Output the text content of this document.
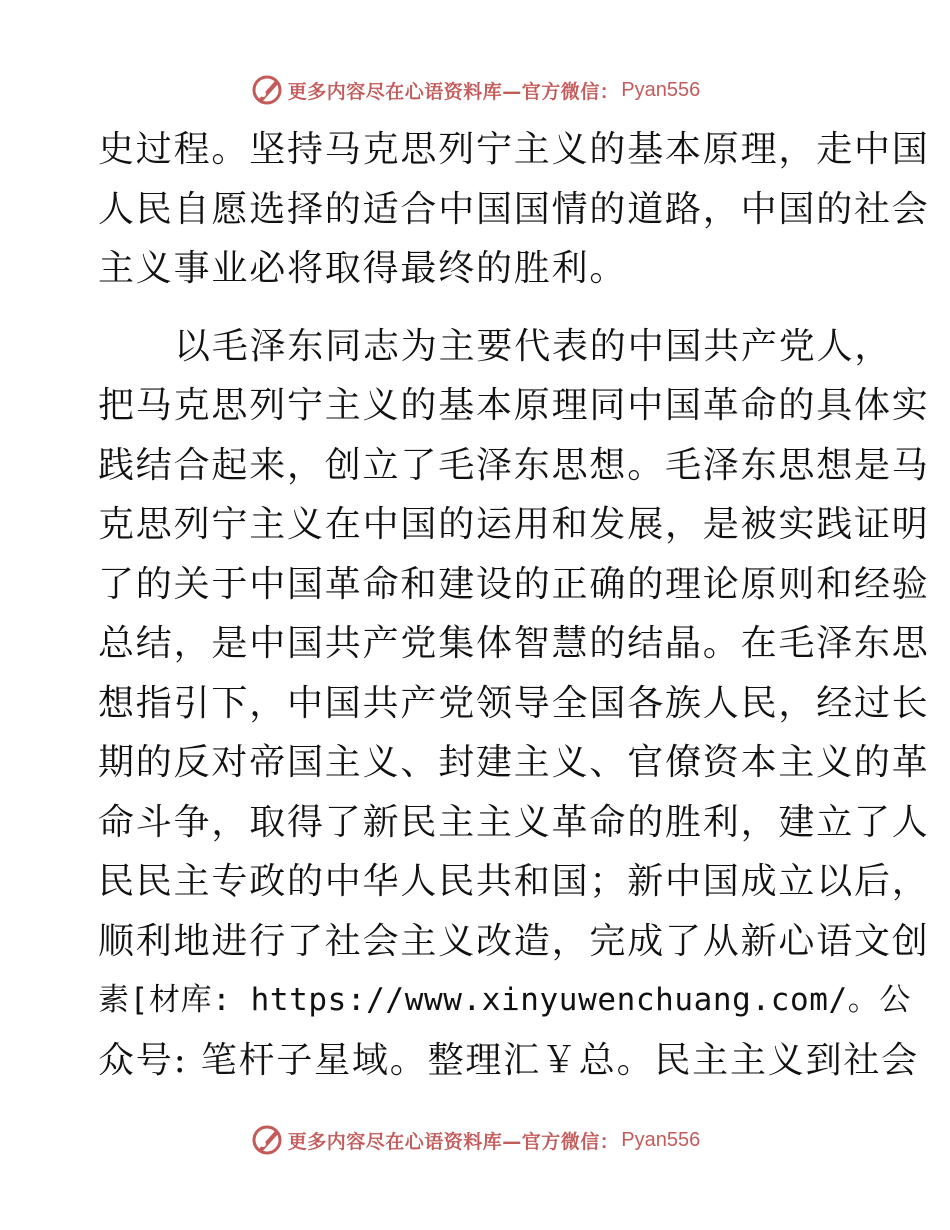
更多内容尽在心语资料库—官方微信： Pyan556
史过程。坚持马克思列宁主义的基本原理，走中国
人民自愿选择的适合中国国情的道路，中国的社会
主义事业必将取得最终的胜利。
以毛泽东同志为主要代表的中国共产党人，
把马克思列宁主义的基本原理同中国革命的具体实
践结合起来，创立了毛泽东思想。毛泽东思想是马
克思列宁主义在中国的运用和发展，是被实践证明
了的关于中国革命和建设的正确的理论原则和经验
总结，是中国共产党集体智慧的结晶。在毛泽东思
想指引下，中国共产党领导全国各族人民，经过长
期的反对帝国主义、封建主义、官僚资本主义的革
命斗争，取得了新民主主义革命的胜利，建立了人
民民主专政的中华人民共和国；新中国成立以后，
顺利地进行了社会主义改造，完成了从新心语文创
素[材库: https://www.xinyuwenchuang.com/。公
众号: 笔杆子星域。整理汇￥总。民主主义到社会
更多内容尽在心语资料库—官方微信： Pyan556
